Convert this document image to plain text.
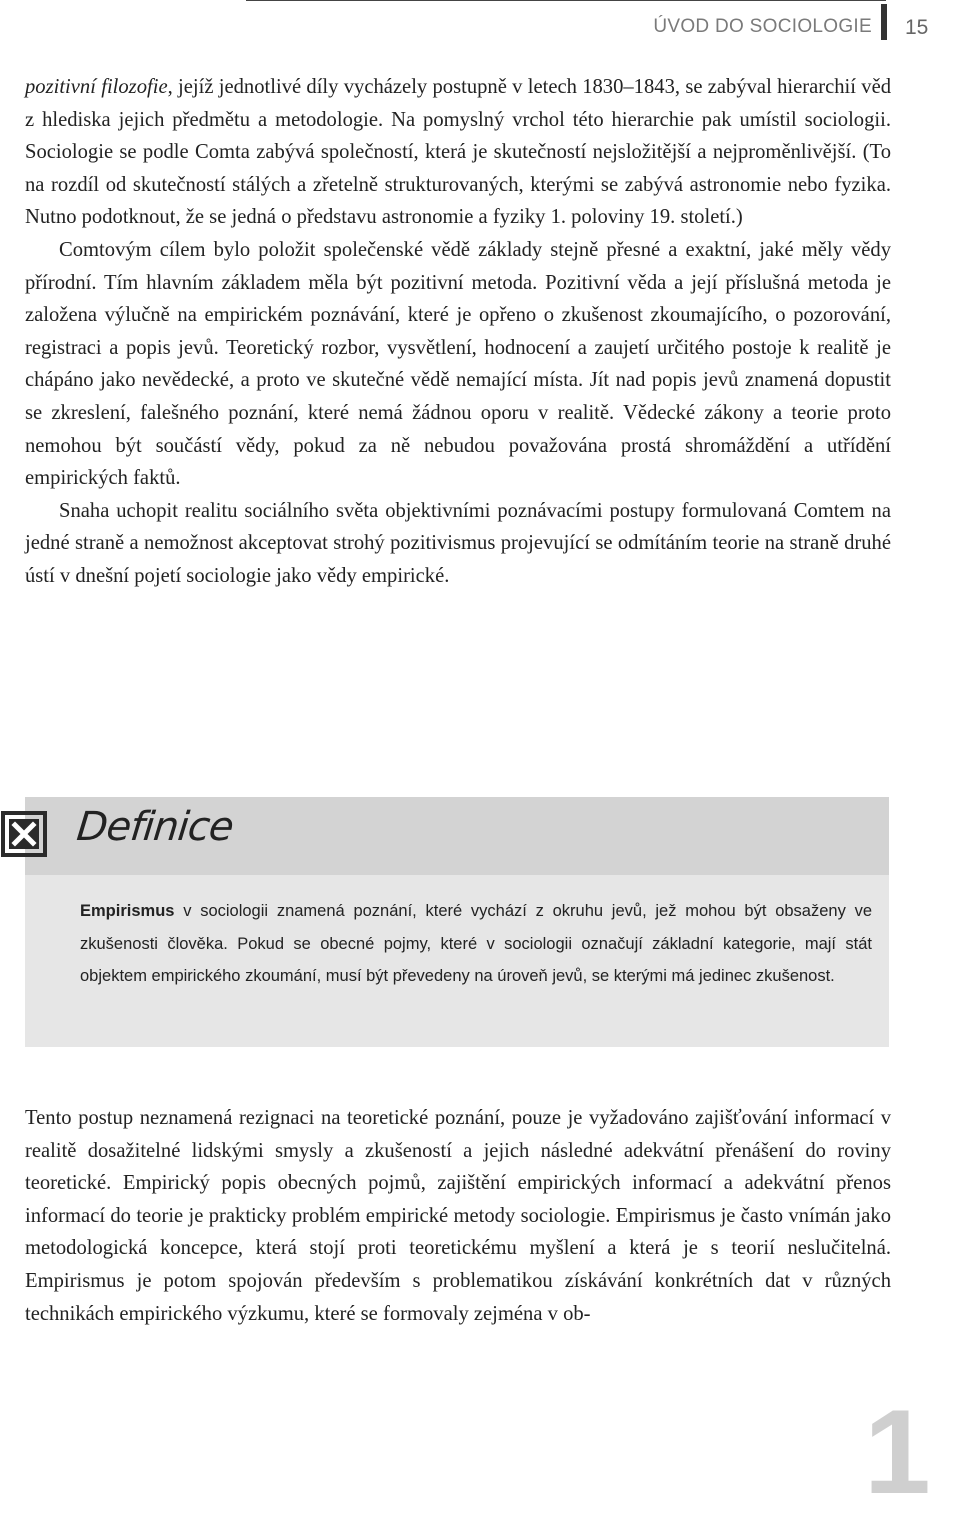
ÚVOD DO SOCIOLOGIE 15

pozitivní filozofie, jejíž jednotlivé díly vycházely postupně v letech 1830–1843, se zabýval hierarchií věd z hlediska jejich předmětu a metodologie. Na pomyslný vrchol této hierarchie pak umístil sociologii. Sociologie se podle Comta zabývá společností, která je skutečností nejsložitější a nejproměnlivější. (To na rozdíl od skutečností stálých a zřetelně strukturovaných, kterými se zabývá astronomie nebo fyzika. Nutno podotknout, že se jedná o představu astronomie a fyziky 1. poloviny 19. století.)

Comtovým cílem bylo položit společenské vědě základy stejně přesné a exaktní, jaké měly vědy přírodní. Tím hlavním základem měla být pozitivní metoda. Pozitivní věda a její příslušná metoda je založena výlučně na empirickém poznávání, které je opřeno o zkušenost zkoumajícího, o pozorování, registraci a popis jevů. Teoretický rozbor, vysvětlení, hodnocení a zaujetí určitého postoje k realitě je chápáno jako nevědecké, a proto ve skutečné vědě nemající místa. Jít nad popis jevů znamená dopustit se zkreslení, falešného poznání, které nemá žádnou oporu v realitě. Vědecké zákony a teorie proto nemohou být součástí vědy, pokud za ně nebudou považována prostá shromáždění a utřídění empirických faktů.

Snaha uchopit realitu sociálního světa objektivními poznávacími postupy formulovaná Comtem na jedné straně a nemožnost akceptovat strohý pozitivismus projevující se odmítáním teorie na straně druhé ústí v dnešní pojetí sociologie jako vědy empirické.

Empirismus v sociologii znamená poznání, které vychází z okruhu jevů, jež mohou být obsaženy ve zkušenosti člověka. Pokud se obecné pojmy, které v sociologii označují základní kategorie, mají stát objektem empirického zkoumání, musí být převedeny na úroveň jevů, se kterými má jedinec zkušenost.

Definice

Tento postup neznamená rezignaci na teoretické poznání, pouze je vyžadováno zajišťování informací v realitě dosažitelné lidskými smysly a zkušeností a jejich následné adekvátní přenášení do roviny teoretické. Empirický popis obecných pojmů, zajištění empirických informací a adekvátní přenos informací do teorie je prakticky problém empirické metody sociologie. Empirismus je často vnímán jako metodologická koncepce, která stojí proti teoretickému myšlení a která je s teorií neslučitelná. Empirismus je potom spojován především s problematikou získávání konkrétních dat v různých technikách empirického výzkumu, které se formovaly zejména v ob-

1
